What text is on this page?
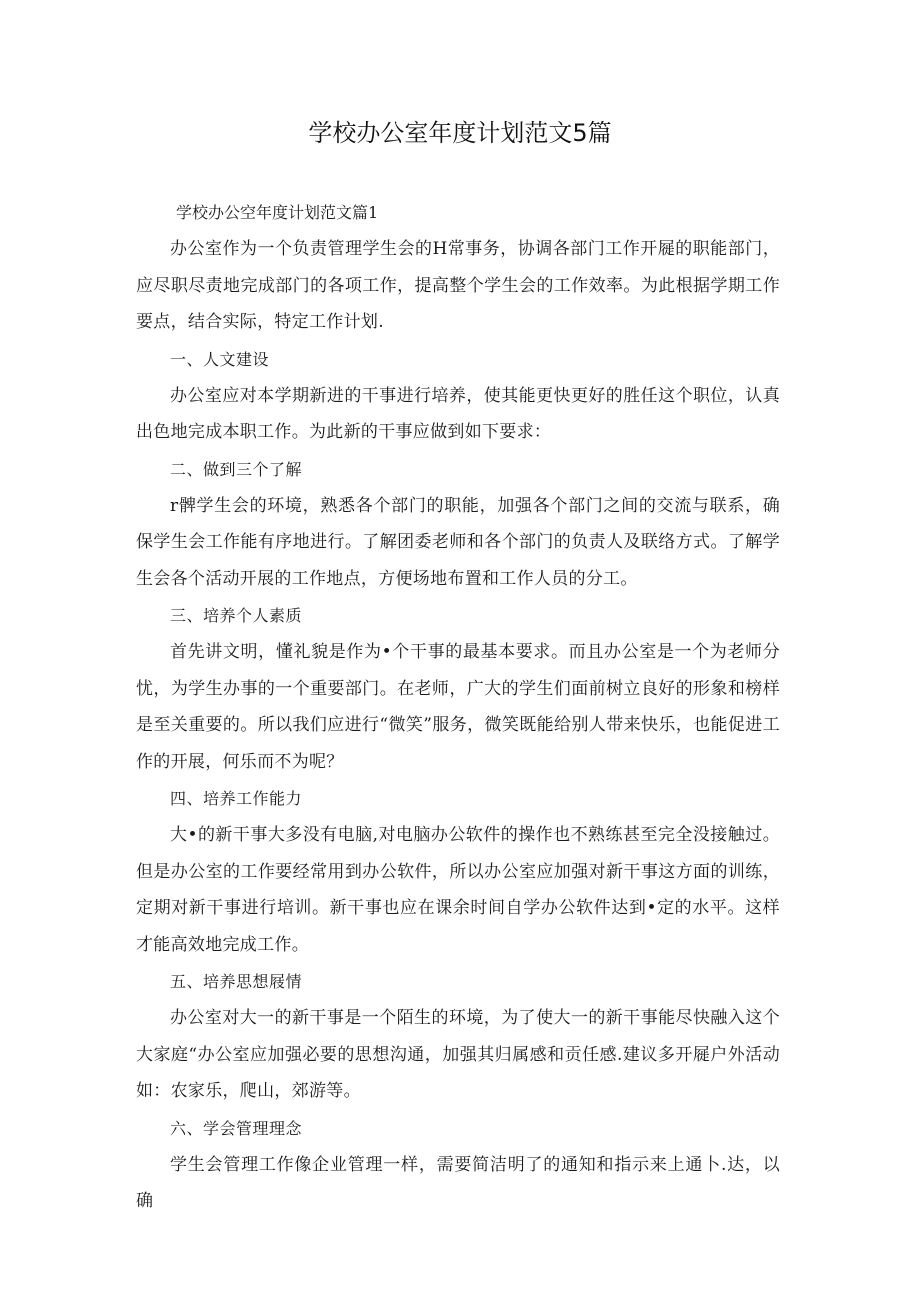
学校办公室年度计划范文5篇
学校办公空年度计划范文篇1

办公室作为一个负责管理学生会的H常事务，协调各部门工作开屣的职能部门，应尽职尽责地完成部门的各项工作，提高整个学生会的工作效率。为此根据学期工作要点，结合实际，特定工作计划.

一、人文建设

办公室应对本学期新进的干事进行培养，使其能更快更好的胜任这个职位，认真出色地完成本职工作。为此新的干事应做到如下要求：

二、做到三个了解

r髀学生会的环境，熟悉各个部门的职能，加强各个部门之间的交流与联系，确保学生会工作能有序地进行。了解团委老师和各个部门的负责人及联络方式。了解学生会各个活动开展的工作地点，方便场地布置和工作人员的分工。

三、培养个人素质

首先讲文明，懂礼貌是作为•个干事的最基本要求。而且办公室是一个为老师分忧，为学生办事的一个重要部门。在老师，广大的学生们面前树立良好的形象和榜样是至关重要的。所以我们应进行“微笑”服务，微笑既能给别人带来快乐，也能促进工作的开展，何乐而不为呢？

四、培养工作能力

大•的新干事大多没有电脑,对电脑办公软件的操作也不熟练甚至完全没接触过。但是办公室的工作要经常用到办公软件，所以办公室应加强对新干事这方面的训练，定期对新干事进行培训。新干事也应在课余时间自学办公软件达到•定的水平。这样才能高效地完成工作。

五、培养思想屐情

办公室对大一的新干事是一个陌生的环境，为了使大一的新干事能尽快融入这个大家庭“办公室应加强必要的思想沟通，加强其归属感和贡任感.建议多开屣户外活动如：农家乐，爬山，郊游等。

六、学会管理理念

学生会管理工作像企业管理一样，需要简洁明了的通知和指示来上通卜.达，以确
